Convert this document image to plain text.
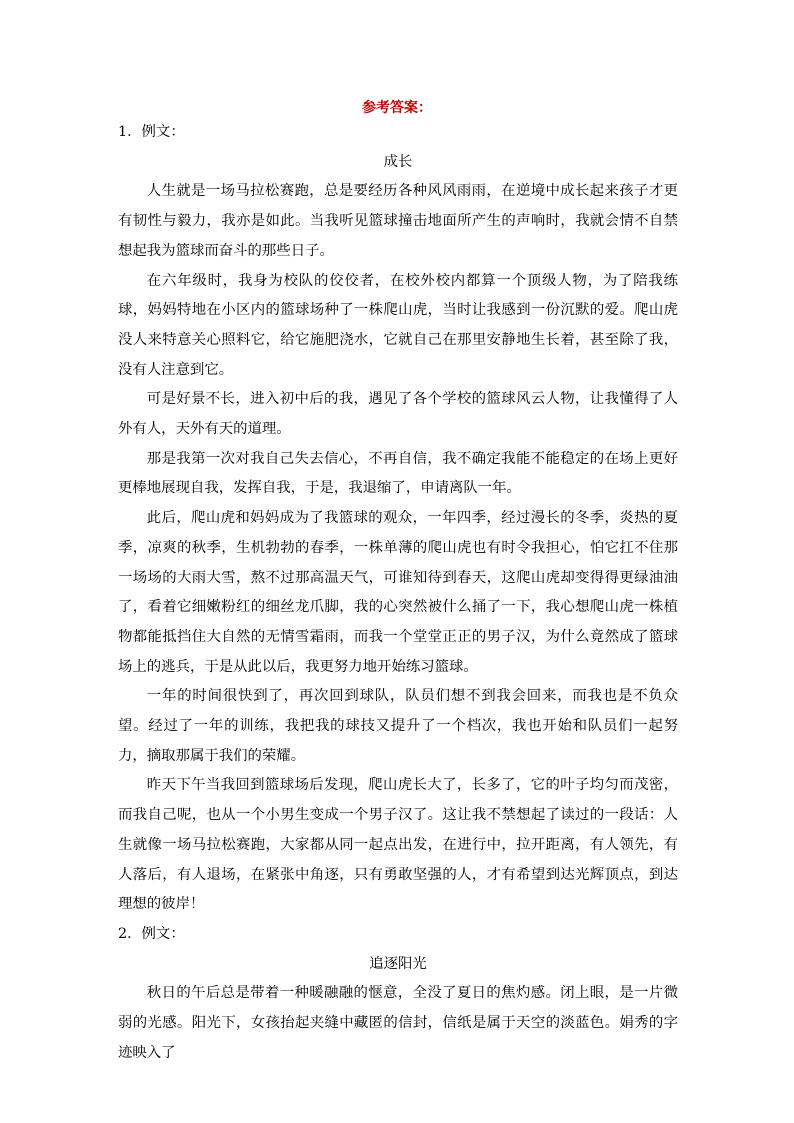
参考答案：

1．例文：

成长

人生就是一场马拉松赛跑，总是要经历各种风风雨雨，在逆境中成长起来孩子才更有韧性与毅力，我亦是如此。当我听见篮球撞击地面所产生的声响时，我就会情不自禁想起我为篮球而奋斗的那些日子。

在六年级时，我身为校队的佼佼者，在校外校内都算一个顶级人物，为了陪我练球，妈妈特地在小区内的篮球场种了一株爬山虎，当时让我感到一份沉默的爱。爬山虎没人来特意关心照料它，给它施肥浇水，它就自己在那里安静地生长着，甚至除了我，没有人注意到它。

可是好景不长，进入初中后的我，遇见了各个学校的篮球风云人物，让我懂得了人外有人，天外有天的道理。

那是我第一次对我自己失去信心，不再自信，我不确定我能不能稳定的在场上更好更棒地展现自我，发挥自我，于是，我退缩了，申请离队一年。

此后，爬山虎和妈妈成为了我篮球的观众，一年四季，经过漫长的冬季，炎热的夏季，凉爽的秋季，生机勃勃的春季，一株单薄的爬山虎也有时令我担心，怕它扛不住那一场场的大雨大雪，熬不过那高温天气，可谁知待到春天，这爬山虎却变得得更绿油油了，看着它细嫩粉红的细丝龙爪脚，我的心突然被什么捅了一下，我心想爬山虎一株植物都能抵挡住大自然的无情雪霜雨，而我一个堂堂正正的男子汉，为什么竟然成了篮球场上的逃兵，于是从此以后，我更努力地开始练习篮球。

一年的时间很快到了，再次回到球队，队员们想不到我会回来，而我也是不负众望。经过了一年的训练，我把我的球技又提升了一个档次，我也开始和队员们一起努力，摘取那属于我们的荣耀。

昨天下午当我回到篮球场后发现，爬山虎长大了，长多了，它的叶子均匀而茂密，而我自己呢，也从一个小男生变成一个男子汉了。这让我不禁想起了读过的一段话：人生就像一场马拉松赛跑，大家都从同一起点出发，在进行中，拉开距离，有人领先，有人落后，有人退场，在紧张中角逐，只有勇敢坚强的人，才有希望到达光辉顶点，到达理想的彼岸！

2．例文：

追逐阳光

秋日的午后总是带着一种暖融融的惬意，全没了夏日的焦灼感。闭上眼，是一片微弱的光感。阳光下，女孩抬起夹缝中藏匿的信封，信纸是属于天空的淡蓝色。娟秀的字迹映入了
